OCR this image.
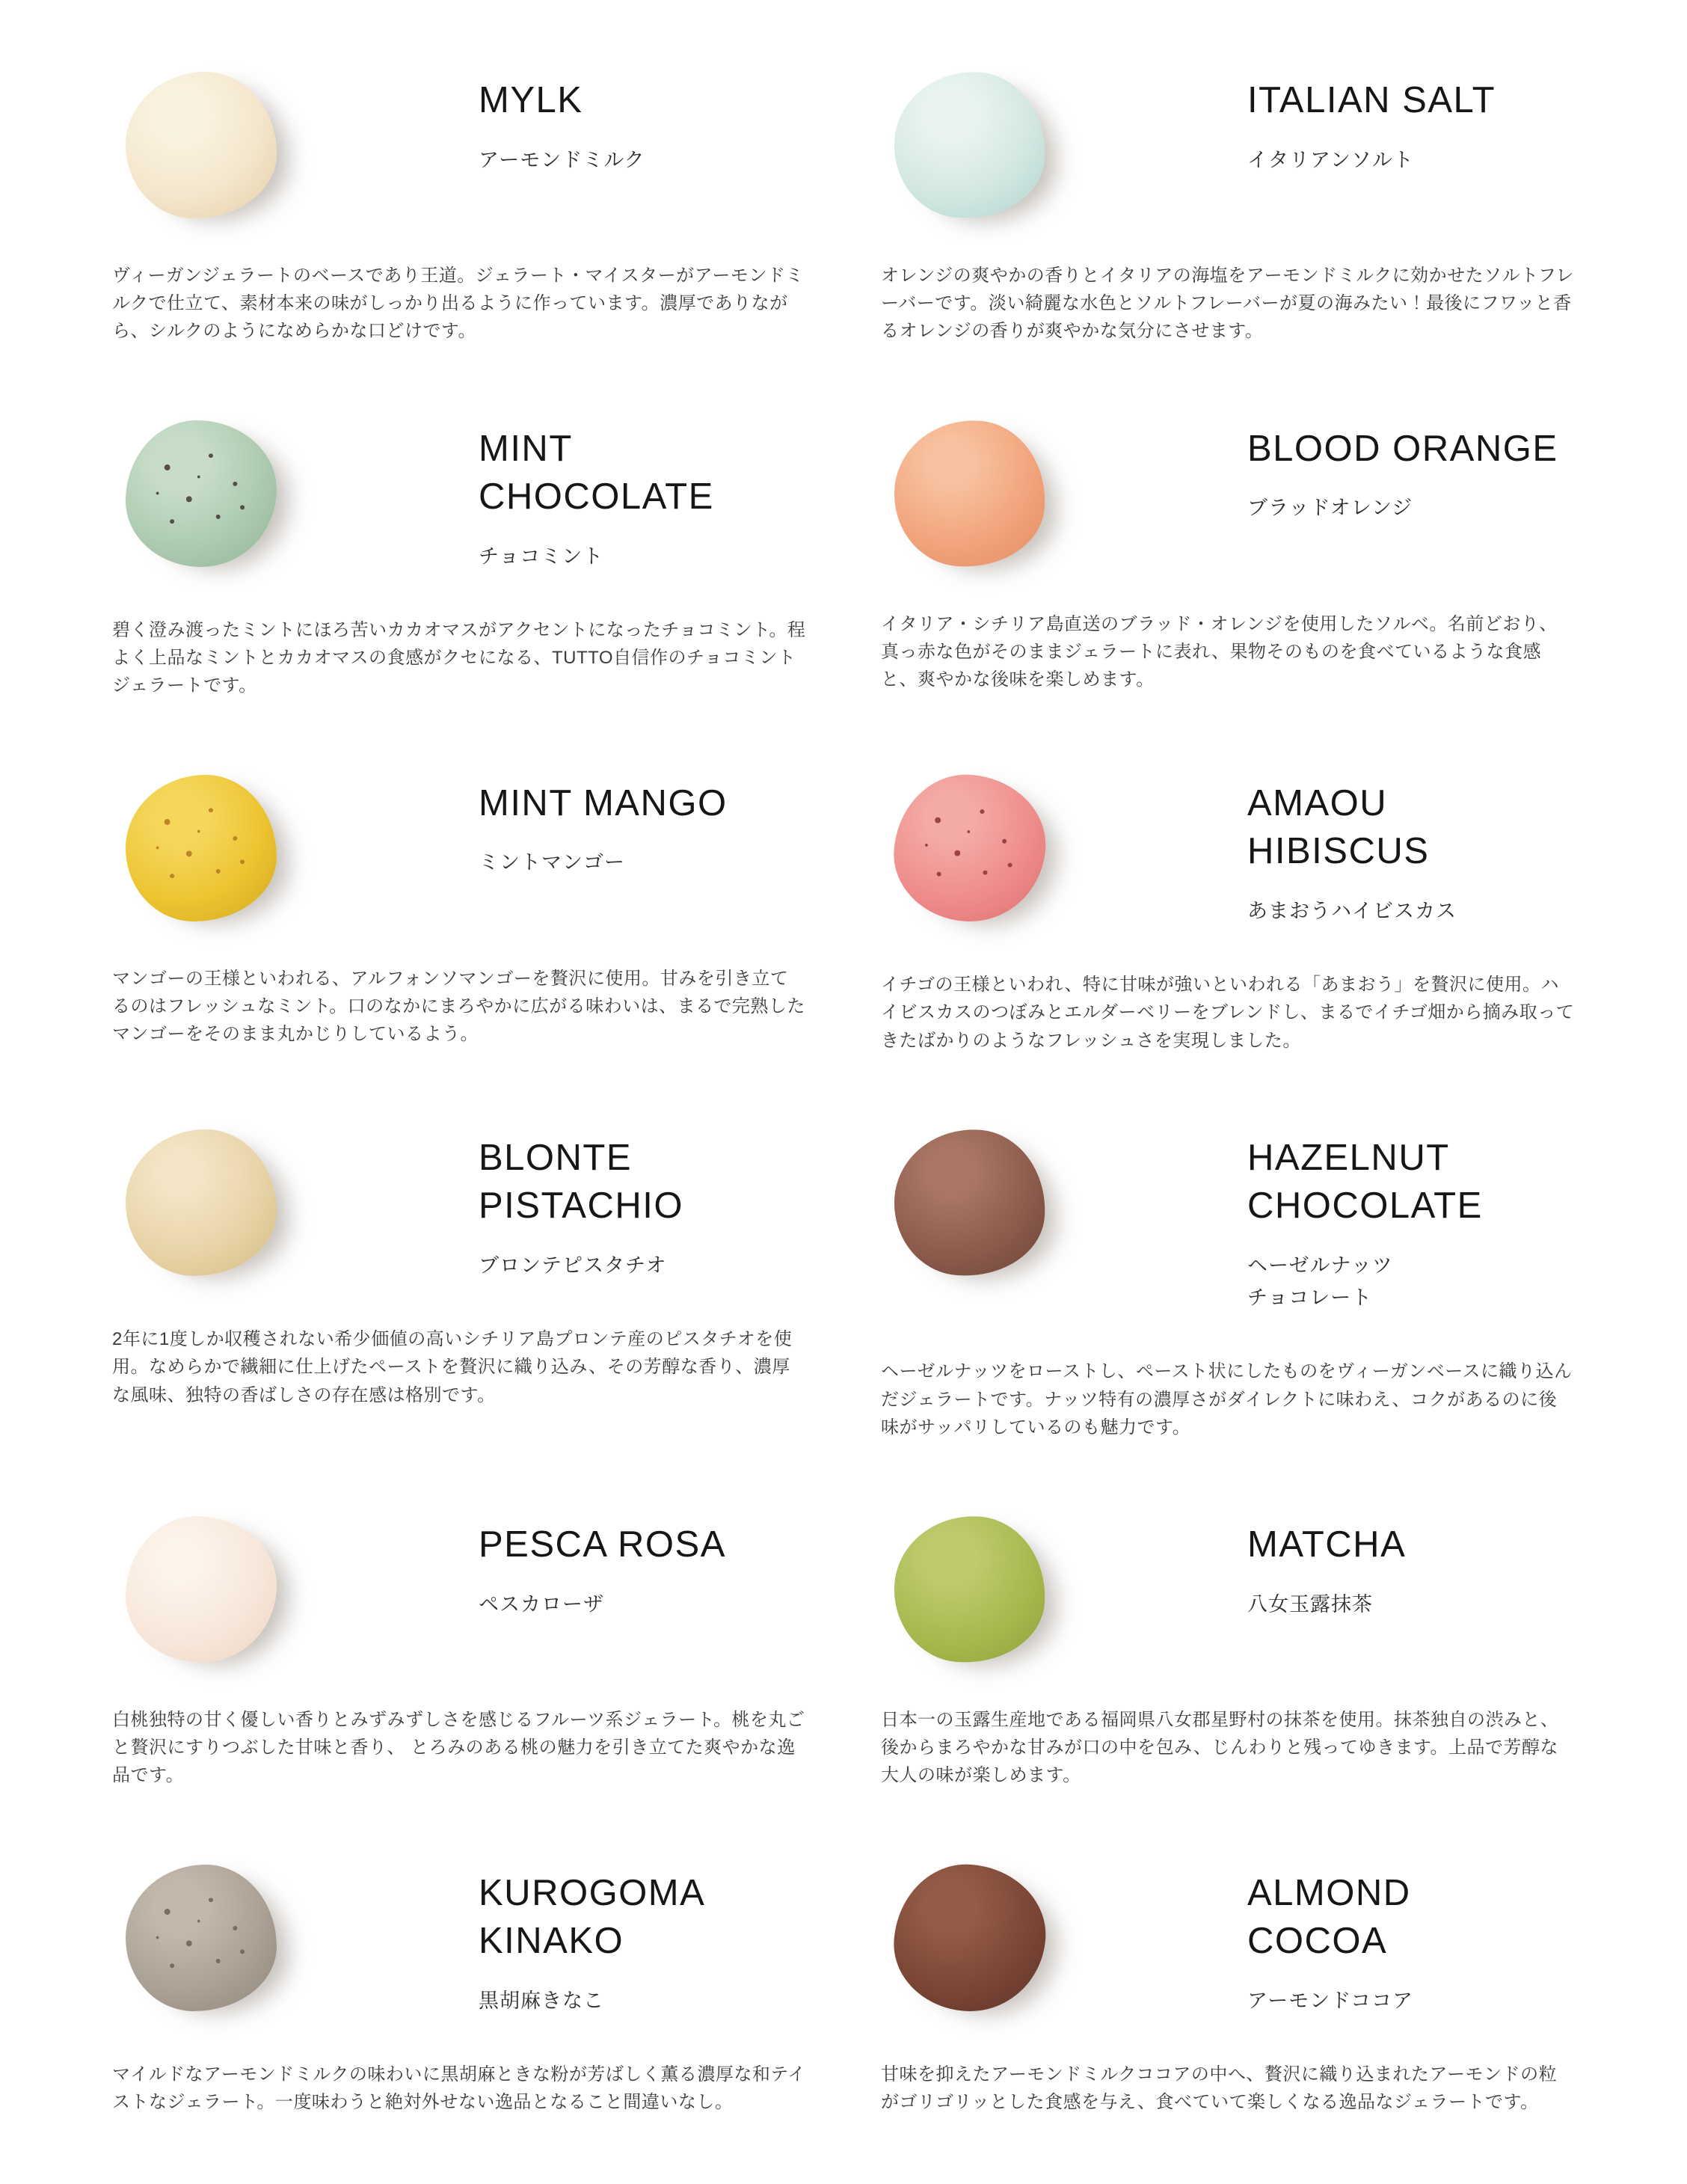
MYLK
アーモンドミルク

ヴィーガンジェラートのベースであり王道。ジェラート・マイスターがアーモンドミルクで仕立て、素材本来の味がしっかり出るように作っています。濃厚でありながら、シルクのようになめらかな口どけです。

ITALIAN SALT
イタリアンソルト

オレンジの爽やかの香りとイタリアの海塩をアーモンドミルクに効かせたソルトフレーバーです。淡い綺麗な水色とソルトフレーバーが夏の海みたい！最後にフワッと香るオレンジの香りが爽やかな気分にさせます。

MINT
CHOCOLATE
チョコミント

碧く澄み渡ったミントにほろ苦いカカオマスがアクセントになったチョコミント。程よく上品なミントとカカオマスの食感がクセになる、TUTTO自信作のチョコミントジェラートです。

BLOOD ORANGE
ブラッドオレンジ

イタリア・シチリア島直送のブラッド・オレンジを使用したソルベ。名前どおり、真っ赤な色がそのままジェラートに表れ、果物そのものを食べているような食感と、爽やかな後味を楽しめます。

MINT MANGO
ミントマンゴー

マンゴーの王様といわれる、アルフォンソマンゴーを贅沢に使用。甘みを引き立てるのはフレッシュなミント。口のなかにまろやかに広がる味わいは、まるで完熟したマンゴーをそのまま丸かじりしているよう。

AMAOU
HIBISCUS
あまおうハイビスカス

イチゴの王様といわれ、特に甘味が強いといわれる「あまおう」を贅沢に使用。ハイビスカスのつぼみとエルダーベリーをブレンドし、まるでイチゴ畑から摘み取ってきたばかりのようなフレッシュさを実現しました。

BLONTE
PISTACHIO
ブロンテピスタチオ

2年に1度しか収穫されない希少価値の高いシチリア島プロンテ産のピスタチオを使用。なめらかで繊細に仕上げたペーストを贅沢に織り込み、その芳醇な香り、濃厚な風味、独特の香ばしさの存在感は格別です。

HAZELNUT
CHOCOLATE
ヘーゼルナッツ
チョコレート

ヘーゼルナッツをローストし、ペースト状にしたものをヴィーガンベースに織り込んだジェラートです。ナッツ特有の濃厚さがダイレクトに味わえ、コクがあるのに後味がサッパリしているのも魅力です。

PESCA ROSA
ペスカローザ

白桃独特の甘く優しい香りとみずみずしさを感じるフルーツ系ジェラート。桃を丸ごと贅沢にすりつぶした甘味と香り、 とろみのある桃の魅力を引き立てた爽やかな逸品です。

MATCHA
八女玉露抹茶

日本一の玉露生産地である福岡県八女郡星野村の抹茶を使用。抹茶独自の渋みと、後からまろやかな甘みが口の中を包み、じんわりと残ってゆきます。上品で芳醇な大人の味が楽しめます。

KUROGOMA
KINAKO
黒胡麻きなこ

マイルドなアーモンドミルクの味わいに黒胡麻ときな粉が芳ばしく薫る濃厚な和テイストなジェラート。一度味わうと絶対外せない逸品となること間違いなし。

ALMOND
COCOA
アーモンドココア

甘味を抑えたアーモンドミルクココアの中へ、贅沢に織り込まれたアーモンドの粒がゴリゴリッとした食感を与え、食べていて楽しくなる逸品なジェラートです。
